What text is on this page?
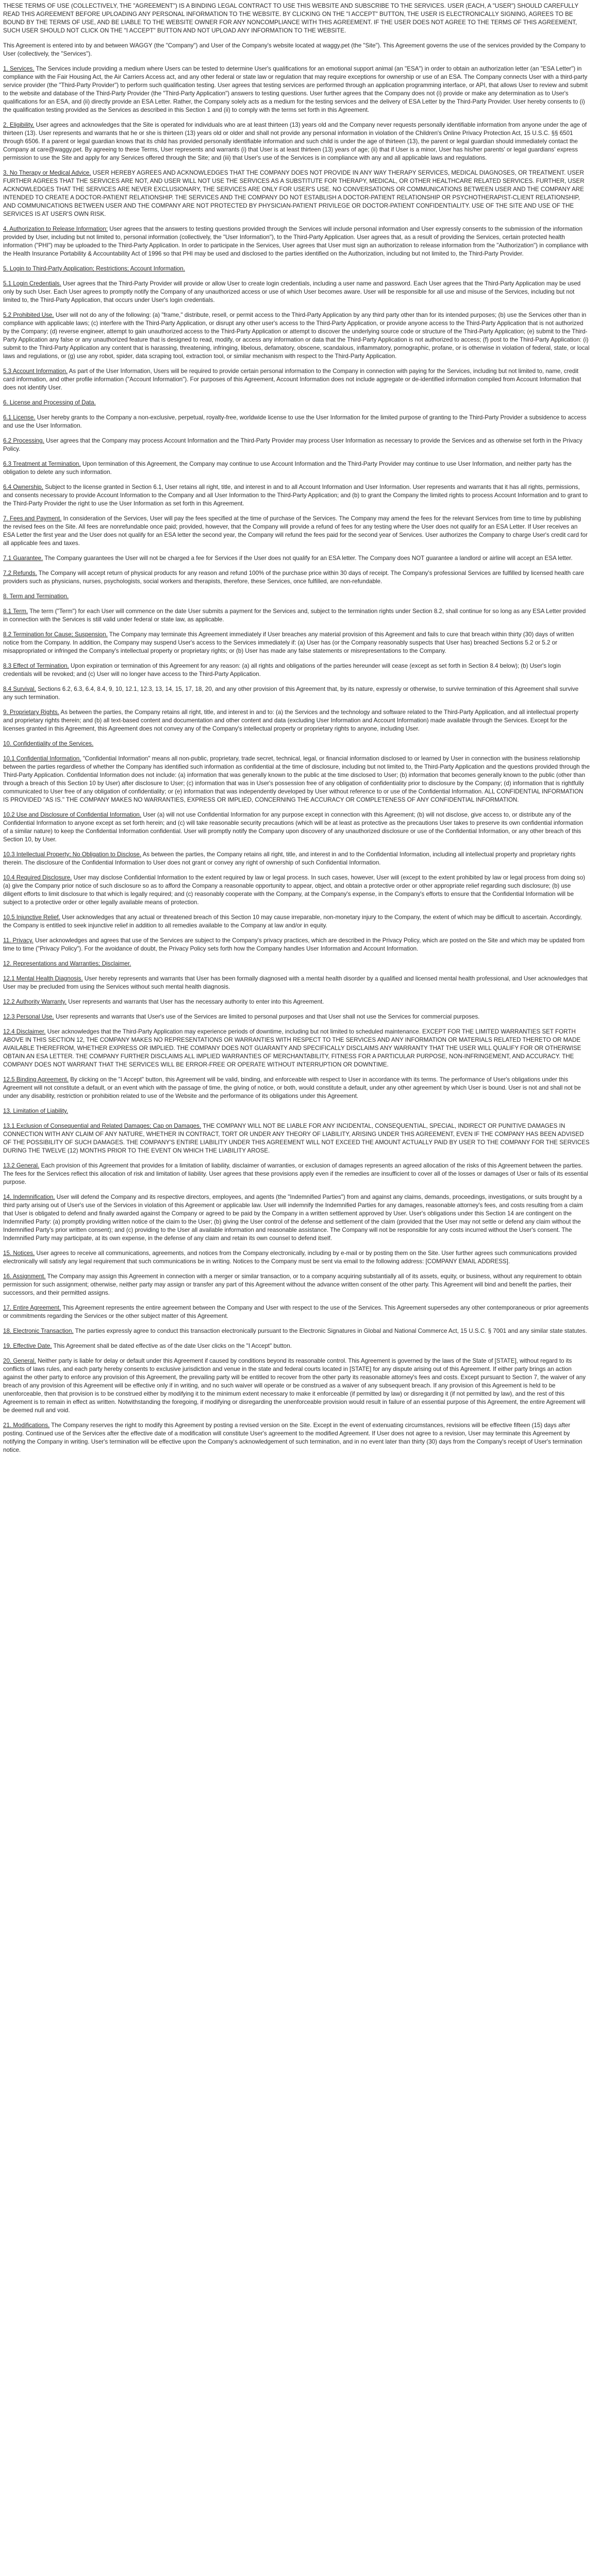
THESE TERMS OF USE (COLLECTIVELY, THE "AGREEMENT") IS A BINDING LEGAL CONTRACT TO USE THIS WEBSITE AND SUBSCRIBE TO THE SERVICES. USER (EACH, A "USER") SHOULD CAREFULLY READ THIS AGREEMENT BEFORE UPLOADING ANY PERSONAL INFORMATION TO THE WEBSITE. BY CLICKING ON THE "I ACCEPT" BUTTON, THE USER IS ELECTRONICALLY SIGNING, AGREES TO BE BOUND BY THE TERMS OF USE, AND BE LIABLE TO THE WEBSITE OWNER FOR ANY NONCOMPLIANCE WITH THIS AGREEMENT. IF THE USER DOES NOT AGREE TO THE TERMS OF THIS AGREEMENT, SUCH USER SHOULD NOT CLICK ON THE "I ACCEPT" BUTTON AND NOT UPLOAD ANY INFORMATION TO THE WEBSITE.

This Agreement is entered into by and between WAGGY (the "Company") and User of the Company's website located at waggy.pet (the "Site"). This Agreement governs the use of the services provided by the Company to User (collectively, the "Services").

1. Services. The Services include providing a medium where Users can be tested to determine User's qualifications for an emotional support animal (an "ESA") in order to obtain an authorization letter (an "ESA Letter") in compliance with the Fair Housing Act, the Air Carriers Access act, and any other federal or state law or regulation that may require exceptions for ownership or use of an ESA. The Company connects User with a third-party service provider (the "Third-Party Provider") to perform such qualification testing. User agrees that testing services are performed through an application programming interface, or API, that allows User to review and submit to the website and database of the Third-Party Provider (the "Third-Party Application") answers to testing questions. User further agrees that the Company does not (i) provide or make any determination as to User's qualifications for an ESA, and (ii) directly provide an ESA Letter. Rather, the Company solely acts as a medium for the testing services and the delivery of ESA Letter by the Third-Party Provider. User hereby consents to (i) the qualification testing provided as the Services as described in this Section 1 and (ii) to comply with the terms set forth in this Agreement.

2. Eligibility. User agrees and acknowledges that the Site is operated for individuals who are at least thirteen (13) years old and the Company never requests personally identifiable information from anyone under the age of thirteen (13). User represents and warrants that he or she is thirteen (13) years old or older and shall not provide any personal information in violation of the Children's Online Privacy Protection Act, 15 U.S.C. §§ 6501 through 6506. If a parent or legal guardian knows that its child has provided personally identifiable information and such child is under the age of thirteen (13), the parent or legal guardian should immediately contact the Company at care@waggy.pet. By agreeing to these Terms, User represents and warrants (i) that User is at least thirteen (13) years of age; (ii) that if User is a minor, User has his/her parents' or legal guardians' express permission to use the Site and apply for any Services offered through the Site; and (iii) that User's use of the Services is in compliance with any and all applicable laws and regulations.

3. No Therapy or Medical Advice. USER HEREBY AGREES AND ACKNOWLEDGES THAT THE COMPANY DOES NOT PROVIDE IN ANY WAY THERAPY SERVICES, MEDICAL DIAGNOSES, OR TREATMENT. USER FURTHER AGREES THAT THE SERVICES ARE NOT, AND USER WILL NOT USE THE SERVICES AS A SUBSTITUTE FOR THERAPY, MEDICAL, OR OTHER HEALTHCARE RELATED SERVICES. FURTHER, USER ACKNOWLEDGES THAT THE SERVICES ARE NEVER EXCLUSIONARY, THE SERVICES ARE ONLY FOR USER'S USE. NO CONVERSATIONS OR COMMUNICATIONS BETWEEN USER AND THE COMPANY ARE INTENDED TO CREATE A DOCTOR-PATIENT RELATIONSHIP. THE SERVICES AND THE COMPANY DO NOT ESTABLISH A DOCTOR-PATIENT RELATIONSHIP OR PSYCHOTHERAPIST-CLIENT RELATIONSHIP, AND COMMUNICATIONS BETWEEN USER AND THE COMPANY ARE NOT PROTECTED BY PHYSICIAN-PATIENT PRIVILEGE OR DOCTOR-PATIENT CONFIDENTIALITY. USE OF THE SITE AND USE OF THE SERVICES IS AT USER'S OWN RISK.

4. Authorization to Release Information: User agrees that the answers to testing questions provided through the Services will include personal information and User expressly consents to the submission of the information provided by User, including but not limited to, personal information (collectively, the "User Information"), to the Third-Party Application. User agrees that, as a result of providing the Services, certain protected health information ("PHI") may be uploaded to the Third-Party Application. In order to participate in the Services, User agrees that User must sign an authorization to release information from the "Authorization") in compliance with the Health Insurance Portability & Accountability Act of 1996 so that PHI may be used and disclosed to the parties identified on the Authorization, including but not limited to, the Third-Party Provider.

5. Login to Third-Party Application; Restrictions; Account Information.

5.1 Login Credentials. User agrees that the Third-Party Provider will provide or allow User to create login credentials, including a user name and password. Each User agrees that the Third-Party Application may be used only by such User. Each User agrees to promptly notify the Company of any unauthorized access or use of which User becomes aware. User will be responsible for all use and misuse of the Services, including but not limited to, the Third-Party Application, that occurs under User's login credentials.

5.2 Prohibited Use. User will not do any of the following: (a) "frame," distribute, resell, or permit access to the Third-Party Application by any third party other than for its intended purposes; (b) use the Services other than in compliance with applicable laws; (c) interfere with the Third-Party Application, or disrupt any other user's access to the Third-Party Application, or provide anyone access to the Third-Party Application that is not authorized by the Company; (d) reverse engineer, attempt to gain unauthorized access to the Third-Party Application or attempt to discover the underlying source code or structure of the Third-Party Application; (e) submit to the Third-Party Application any false or any unauthorized feature that is designed to read, modify, or access any information or data that the Third-Party Application is not authorized to access; (f) post to the Third-Party Application: (i) submit to the Third-Party Application any content that is harassing, threatening, infringing, libelous, defamatory, obscene, scandalous, inflammatory, pornographic, profane, or is otherwise in violation of federal, state, or local laws and regulations, or (g) use any robot, spider, data scraping tool, extraction tool, or similar mechanism with respect to the Third-Party Application.

5.3 Account Information. As part of the User Information, Users will be required to provide certain personal information to the Company in connection with paying for the Services, including but not limited to, name, credit card information, and other profile information ("Account Information"). For purposes of this Agreement, Account Information does not include aggregate or de-identified information compiled from Account Information that does not identify User.

6. License and Processing of Data.

6.1 License. User hereby grants to the Company a non-exclusive, perpetual, royalty-free, worldwide license to use the User Information for the limited purpose of granting to the Third-Party Provider a subsidence to access and use the User Information.

6.2 Processing. User agrees that the Company may process Account Information and the Third-Party Provider may process User Information as necessary to provide the Services and as otherwise set forth in the Privacy Policy.

6.3 Treatment at Termination. Upon termination of this Agreement, the Company may continue to use Account Information and the Third-Party Provider may continue to use User Information, and neither party has the obligation to delete any such information.

6.4 Ownership. Subject to the license granted in Section 6.1, User retains all right, title, and interest in and to all Account Information and User Information. User represents and warrants that it has all rights, permissions, and consents necessary to provide Account Information to the Company and all User Information to the Third-Party Application; and (b) to grant the Company the limited rights to process Account Information and to grant to the Third-Party Provider the right to use the User Information as set forth in this Agreement.

7. Fees and Payment. In consideration of the Services, User will pay the fees specified at the time of purchase of the Services. The Company may amend the fees for the relevant Services from time to time by publishing the revised fees on the Site. All fees are nonrefundable once paid; provided, however, that the Company will provide a refund of fees for any testing where the User does not qualify for an ESA Letter. If User receives an ESA Letter the first year and the User does not qualify for an ESA letter the second year, the Company will refund the fees paid for the second year of Services. User authorizes the Company to charge User's credit card for all applicable fees and taxes.

7.1 Guarantee. The Company guarantees the User will not be charged a fee for Services if the User does not qualify for an ESA letter. The Company does NOT guarantee a landlord or airline will accept an ESA letter.

7.2 Refunds. The Company will accept return of physical products for any reason and refund 100% of the purchase price within 30 days of receipt. The Company's professional Services are fulfilled by licensed health care providers such as physicians, nurses, psychologists, social workers and therapists, therefore, these Services, once fulfilled, are non-refundable.

8. Term and Termination.

8.1 Term. The term ("Term") for each User will commence on the date User submits a payment for the Services and, subject to the termination rights under Section 8.2, shall continue for so long as any ESA Letter provided in connection with the Services is still valid under federal or state law, as applicable.

8.2 Termination for Cause; Suspension. The Company may terminate this Agreement immediately if User breaches any material provision of this Agreement and fails to cure that breach within thirty (30) days of written notice from the Company. In addition, the Company may suspend User's access to the Services immediately if: (a) User has (or the Company reasonably suspects that User has) breached Sections 5.2 or 5.2 or misappropriated or infringed the Company's intellectual property or proprietary rights; or (b) User has made any false statements or misrepresentations to the Company.

8.3 Effect of Termination. Upon expiration or termination of this Agreement for any reason: (a) all rights and obligations of the parties hereunder will cease (except as set forth in Section 8.4 below); (b) User's login credentials will be revoked; and (c) User will no longer have access to the Third-Party Application.

8.4 Survival. Sections 6.2, 6.3, 6.4, 8.4, 9, 10, 12.1, 12.3, 13, 14, 15, 17, 18, 20, and any other provision of this Agreement that, by its nature, expressly or otherwise, to survive termination of this Agreement shall survive any such termination.

9. Proprietary Rights. As between the parties, the Company retains all right, title, and interest in and to: (a) the Services and the technology and software related to the Third-Party Application, and all intellectual property and proprietary rights therein; and (b) all text-based content and documentation and other content and data (excluding User Information and Account Information) made available through the Services. Except for the licenses granted in this Agreement, this Agreement does not convey any of the Company's intellectual property or proprietary rights to anyone, including User.

10. Confidentiality of the Services.

10.1 Confidential Information. "Confidential Information" means all non-public, proprietary, trade secret, technical, legal, or financial information disclosed to or learned by User in connection with the business relationship between the parties regardless of whether the Company has identified such information as confidential at the time of disclosure, including but not limited to, the Third-Party Application and the questions provided through the Third-Party Application. Confidential Information does not include: (a) information that was generally known to the public at the time disclosed to User; (b) information that becomes generally known to the public (other than through a breach of this Section 10 by User) after disclosure to User; (c) information that was in User's possession free of any obligation of confidentiality prior to disclosure by the Company; (d) information that is rightfully communicated to User free of any obligation of confidentiality; or (e) information that was independently developed by User without reference to or use of the Confidential Information. ALL CONFIDENTIAL INFORMATION IS PROVIDED "AS IS." THE COMPANY MAKES NO WARRANTIES, EXPRESS OR IMPLIED, CONCERNING THE ACCURACY OR COMPLETENESS OF ANY CONFIDENTIAL INFORMATION.

10.2 Use and Disclosure of Confidential Information. User (a) will not use Confidential Information for any purpose except in connection with this Agreement; (b) will not disclose, give access to, or distribute any of the Confidential Information to anyone except as set forth herein; and (c) will take reasonable security precautions (which will be at least as protective as the precautions User takes to preserve its own confidential information of a similar nature) to keep the Confidential Information confidential. User will promptly notify the Company upon discovery of any unauthorized disclosure or use of the Confidential Information, or any other breach of this Section 10, by User.

10.3 Intellectual Property; No Obligation to Disclose. As between the parties, the Company retains all right, title, and interest in and to the Confidential Information, including all intellectual property and proprietary rights therein. The disclosure of the Confidential Information to User does not grant or convey any right of ownership of such Confidential Information.

10.4 Required Disclosure. User may disclose Confidential Information to the extent required by law or legal process. In such cases, however, User will (except to the extent prohibited by law or legal process from doing so) (a) give the Company prior notice of such disclosure so as to afford the Company a reasonable opportunity to appear, object, and obtain a protective order or other appropriate relief regarding such disclosure; (b) use diligent efforts to limit disclosure to that which is legally required; and (c) reasonably cooperate with the Company, at the Company's expense, in the Company's efforts to ensure that the Confidential Information will be subject to a protective order or other legally available means of protection.

10.5 Injunctive Relief. User acknowledges that any actual or threatened breach of this Section 10 may cause irreparable, non-monetary injury to the Company, the extent of which may be difficult to ascertain. Accordingly, the Company is entitled to seek injunctive relief in addition to all remedies available to the Company at law and/or in equity.

11. Privacy. User acknowledges and agrees that use of the Services are subject to the Company's privacy practices, which are described in the Privacy Policy, which are posted on the Site and which may be updated from time to time ("Privacy Policy"). For the avoidance of doubt, the Privacy Policy sets forth how the Company handles User Information and Account Information.

12. Representations and Warranties; Disclaimer.

12.1 Mental Health Diagnosis. User hereby represents and warrants that User has been formally diagnosed with a mental health disorder by a qualified and licensed mental health professional, and User acknowledges that User may be precluded from using the Services without such mental health diagnosis.

12.2 Authority Warranty. User represents and warrants that User has the necessary authority to enter into this Agreement.

12.3 Personal Use. User represents and warrants that User's use of the Services are limited to personal purposes and that User shall not use the Services for commercial purposes.

12.4 Disclaimer. User acknowledges that the Third-Party Application may experience periods of downtime, including but not limited to scheduled maintenance. EXCEPT FOR THE LIMITED WARRANTIES SET FORTH ABOVE IN THIS SECTION 12, THE COMPANY MAKES NO REPRESENTATIONS OR WARRANTIES WITH RESPECT TO THE SERVICES AND ANY INFORMATION OR MATERIALS RELATED THERETO OR MADE AVAILABLE THEREFROM, WHETHER EXPRESS OR IMPLIED. THE COMPANY DOES NOT GUARANTY AND SPECIFICALLY DISCLAIMS ANY WARRANTY THAT THE USER WILL QUALIFY FOR OR OTHERWISE OBTAIN AN ESA LETTER. THE COMPANY FURTHER DISCLAIMS ALL IMPLIED WARRANTIES OF MERCHANTABILITY, FITNESS FOR A PARTICULAR PURPOSE, NON-INFRINGEMENT, AND ACCURACY. THE COMPANY DOES NOT WARRANT THAT THE SERVICES WILL BE ERROR-FREE OR OPERATE WITHOUT INTERRUPTION OR DOWNTIME.

12.5 Binding Agreement. By clicking on the "I Accept" button, this Agreement will be valid, binding, and enforceable with respect to User in accordance with its terms. The performance of User's obligations under this Agreement will not constitute a default, or an event which with the passage of time, the giving of notice, or both, would constitute a default, under any other agreement by which User is bound. User is not and shall not be under any disability, restriction or prohibition related to use of the Website and the performance of its obligations under this Agreement.

13. Limitation of Liability.

13.1 Exclusion of Consequential and Related Damages; Cap on Damages. THE COMPANY WILL NOT BE LIABLE FOR ANY INCIDENTAL, CONSEQUENTIAL, SPECIAL, INDIRECT OR PUNITIVE DAMAGES IN CONNECTION WITH ANY CLAIM OF ANY NATURE, WHETHER IN CONTRACT, TORT OR UNDER ANY THEORY OF LIABILITY, ARISING UNDER THIS AGREEMENT, EVEN IF THE COMPANY HAS BEEN ADVISED OF THE POSSIBILITY OF SUCH DAMAGES. THE COMPANY'S ENTIRE LIABILITY UNDER THIS AGREEMENT WILL NOT EXCEED THE AMOUNT ACTUALLY PAID BY USER TO THE COMPANY FOR THE SERVICES DURING THE TWELVE (12) MONTHS PRIOR TO THE EVENT ON WHICH THE LIABILITY AROSE.

13.2 General. Each provision of this Agreement that provides for a limitation of liability, disclaimer of warranties, or exclusion of damages represents an agreed allocation of the risks of this Agreement between the parties. The fees for the Services reflect this allocation of risk and limitation of liability. User agrees that these provisions apply even if the remedies are insufficient to cover all of the losses or damages of User or fails of its essential purpose.

14. Indemnification. User will defend the Company and its respective directors, employees, and agents (the "Indemnified Parties") from and against any claims, demands, proceedings, investigations, or suits brought by a third party arising out of User's use of the Services in violation of this Agreement or applicable law. User will indemnify the Indemnified Parties for any damages, reasonable attorney's fees, and costs resulting from a claim that User is obligated to defend and finally awarded against the Company or agreed to be paid by the Company in a written settlement approved by User. User's obligations under this Section 14 are contingent on the Indemnified Party: (a) promptly providing written notice of the claim to the User; (b) giving the User control of the defense and settlement of the claim (provided that the User may not settle or defend any claim without the Indemnified Party's prior written consent); and (c) providing to the User all available information and reasonable assistance. The Company will not be responsible for any costs incurred without the User's consent. The Indemnified Party may participate, at its own expense, in the defense of any claim and retain its own counsel to defend itself.

15. Notices. User agrees to receive all communications, agreements, and notices from the Company electronically, including by e-mail or by posting them on the Site. User further agrees such communications provided electronically will satisfy any legal requirement that such communications be in writing. Notices to the Company must be sent via email to the following address: [COMPANY EMAIL ADDRESS].

16. Assignment. The Company may assign this Agreement in connection with a merger or similar transaction, or to a company acquiring substantially all of its assets, equity, or business, without any requirement to obtain permission for such assignment; otherwise, neither party may assign or transfer any part of this Agreement without the advance written consent of the other party. This Agreement will bind and benefit the parties, their successors, and their permitted assigns.

17. Entire Agreement. This Agreement represents the entire agreement between the Company and User with respect to the use of the Services. This Agreement supersedes any other contemporaneous or prior agreements or commitments regarding the Services or the other subject matter of this Agreement.

18. Electronic Transaction. The parties expressly agree to conduct this transaction electronically pursuant to the Electronic Signatures in Global and National Commerce Act, 15 U.S.C. § 7001 and any similar state statutes.

19. Effective Date. This Agreement shall be dated effective as of the date User clicks on the "I Accept" button.

20. General. Neither party is liable for delay or default under this Agreement if caused by conditions beyond its reasonable control. This Agreement is governed by the laws of the State of [STATE], without regard to its conflicts of laws rules, and each party hereby consents to exclusive jurisdiction and venue in the state and federal courts located in [STATE] for any dispute arising out of this Agreement. If either party brings an action against the other party to enforce any provision of this Agreement, the prevailing party will be entitled to recover from the other party its reasonable attorney's fees and costs. Except pursuant to Section 7, the waiver of any breach of any provision of this Agreement will be effective only if in writing, and no such waiver will operate or be construed as a waiver of any subsequent breach. If any provision of this Agreement is held to be unenforceable, then that provision is to be construed either by modifying it to the minimum extent necessary to make it enforceable (if permitted by law) or disregarding it (if not permitted by law), and the rest of this Agreement is to remain in effect as written. Notwithstanding the foregoing, if modifying or disregarding the unenforceable provision would result in failure of an essential purpose of this Agreement, the entire Agreement will be deemed null and void.

21. Modifications. The Company reserves the right to modify this Agreement by posting a revised version on the Site. Except in the event of extenuating circumstances, revisions will be effective fifteen (15) days after posting. Continued use of the Services after the effective date of a modification will constitute User's agreement to the modified Agreement. If User does not agree to a revision, User may terminate this Agreement by notifying the Company in writing. User's termination will be effective upon the Company's acknowledgement of such termination, and in no event later than thirty (30) days from the Company's receipt of User's termination notice.
